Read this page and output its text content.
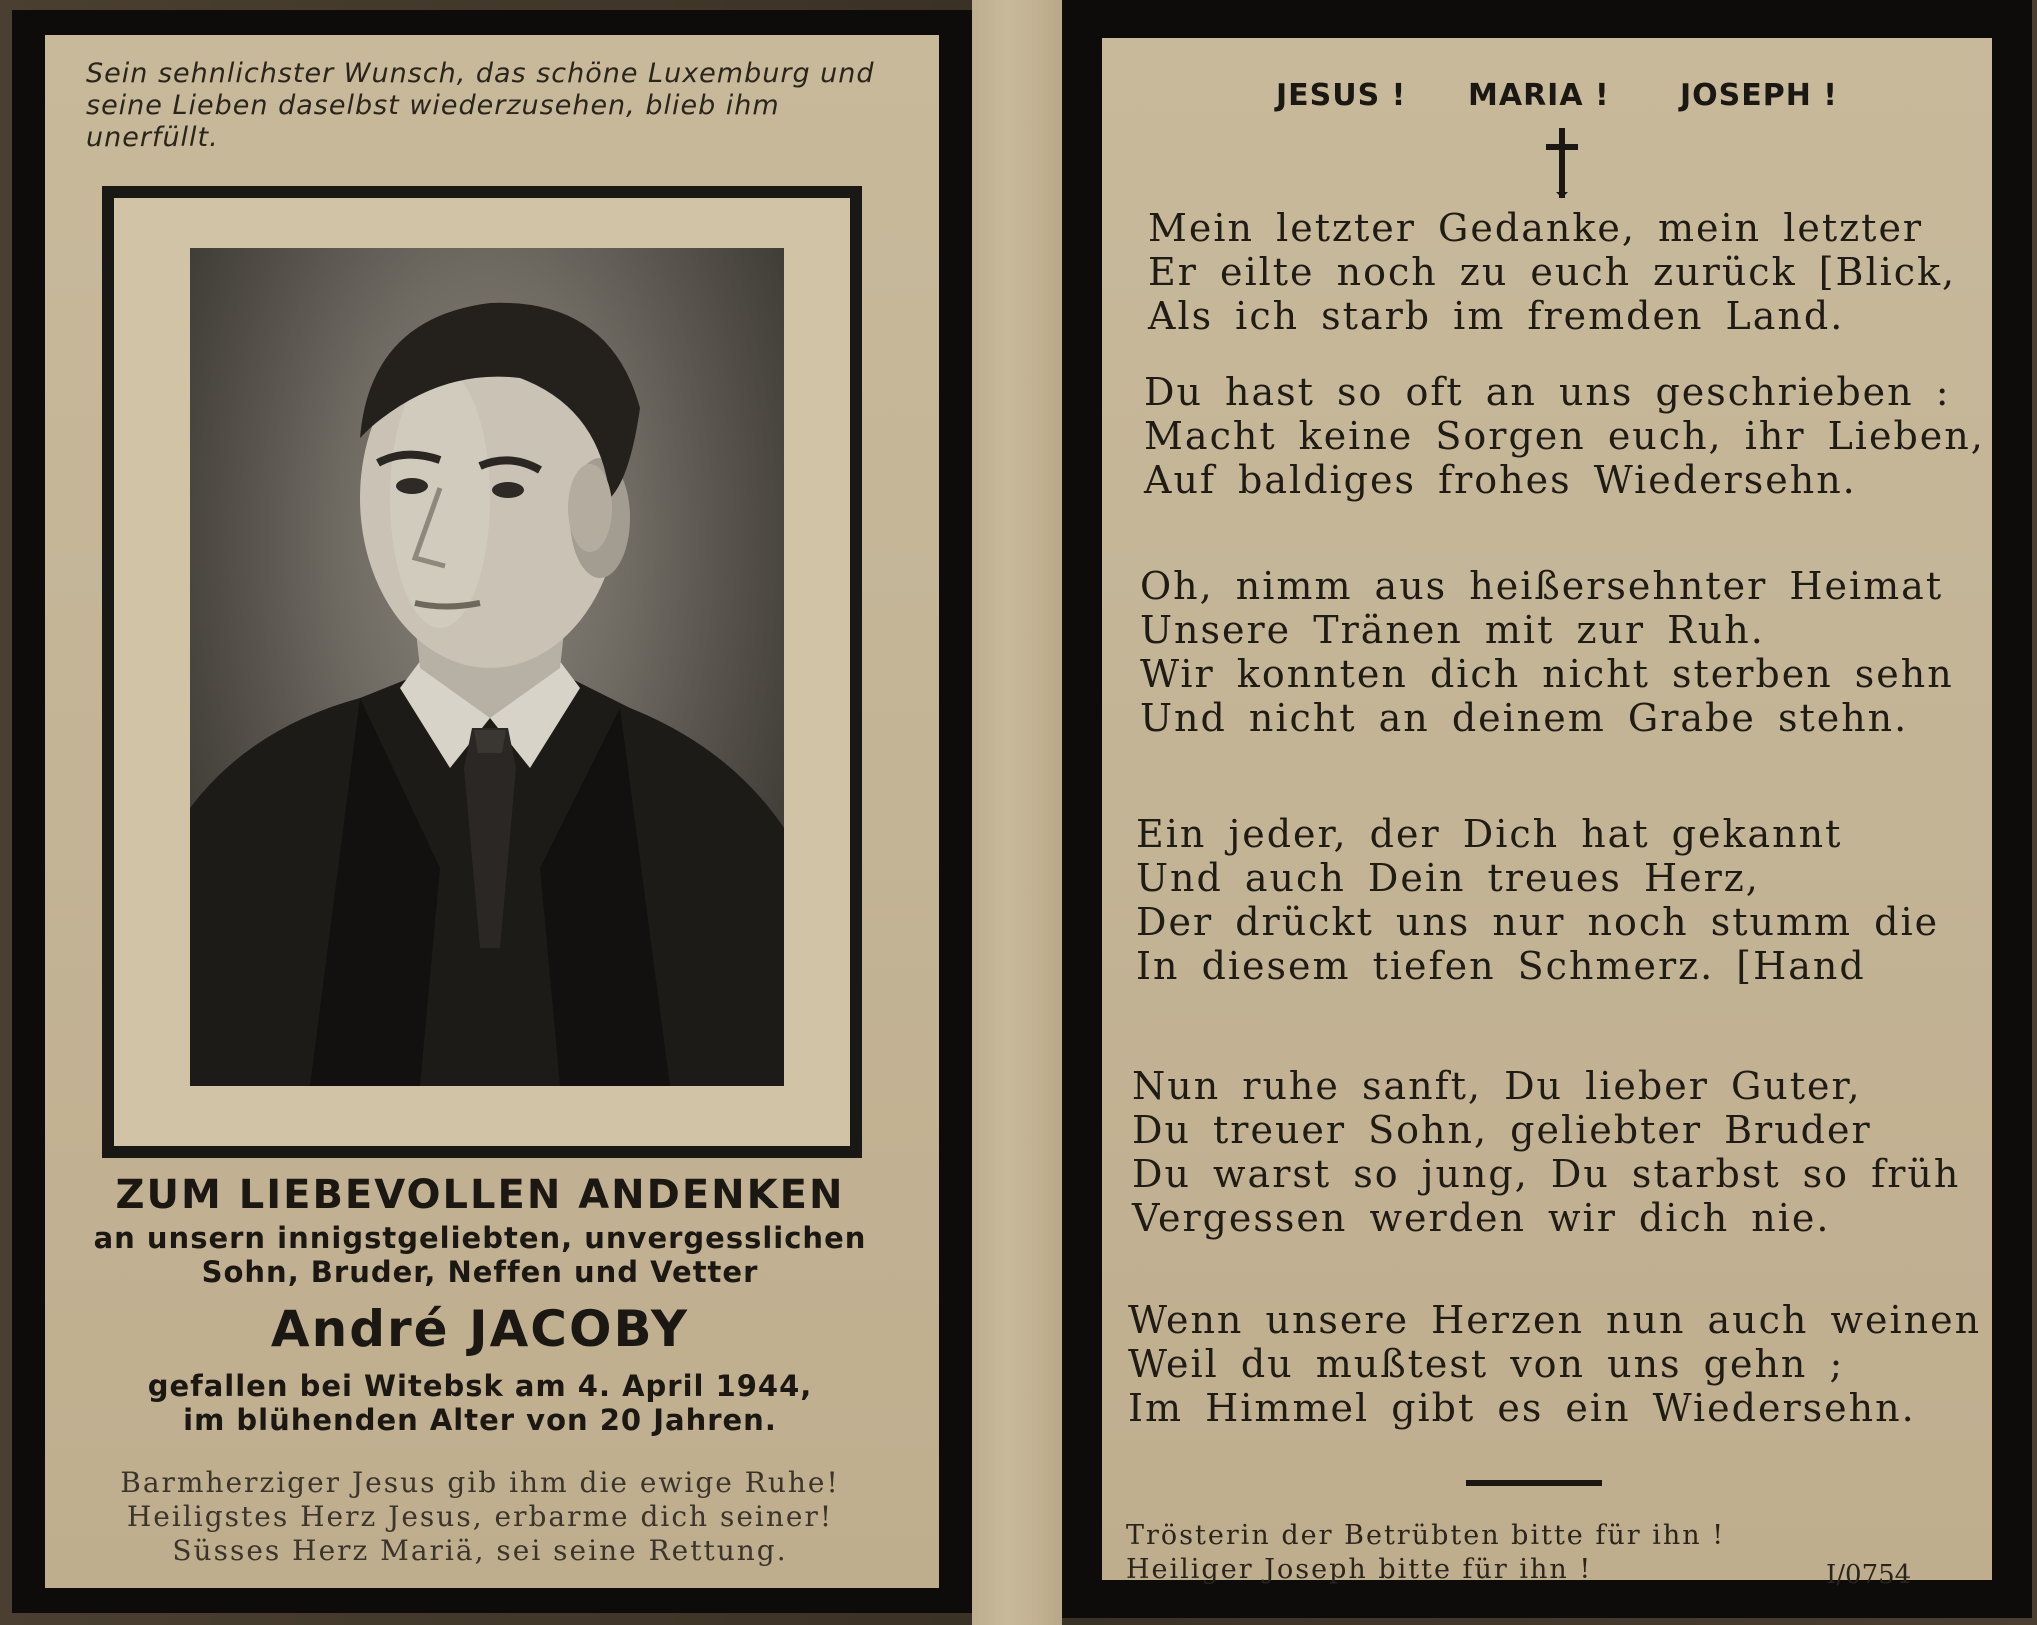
Sein sehnlichster Wunsch, das schöne Luxemburg und seine Lieben daselbst wiederzusehen, blieb ihm unerfüllt.
ZUM LIEBEVOLLEN ANDENKEN
an unsern innigstgeliebten, unvergesslichen
Sohn, Bruder, Neffen und Vetter
André JACOBY
gefallen bei Witebsk am 4. April 1944,
im blühenden Alter von 20 Jahren.
Barmherziger Jesus gib ihm die ewige Ruhe!
Heiligstes Herz Jesus, erbarme dich seiner!
Süsses Herz Mariä, sei seine Rettung.
JESUS ! MARIA ! JOSEPH !
Mein letzter Gedanke, mein letzter
Er eilte noch zu euch zurück [Blick,
Als ich starb im fremden Land.
Du hast so oft an uns geschrieben :
Macht keine Sorgen euch, ihr Lieben,
Auf baldiges frohes Wiedersehn.
Oh, nimm aus heißersehnter Heimat
Unsere Tränen mit zur Ruh.
Wir konnten dich nicht sterben sehn
Und nicht an deinem Grabe stehn.
Ein jeder, der Dich hat gekannt
Und auch Dein treues Herz,
Der drückt uns nur noch stumm die
In diesem tiefen Schmerz. [Hand
Nun ruhe sanft, Du lieber Guter,
Du treuer Sohn, geliebter Bruder
Du warst so jung, Du starbst so früh
Vergessen werden wir dich nie.
Wenn unsere Herzen nun auch weinen
Weil du mußtest von uns gehn ;
Im Himmel gibt es ein Wiedersehn.
Trösterin der Betrübten bitte für ihn !
Heiliger Joseph bitte für ihn !	I/0754
